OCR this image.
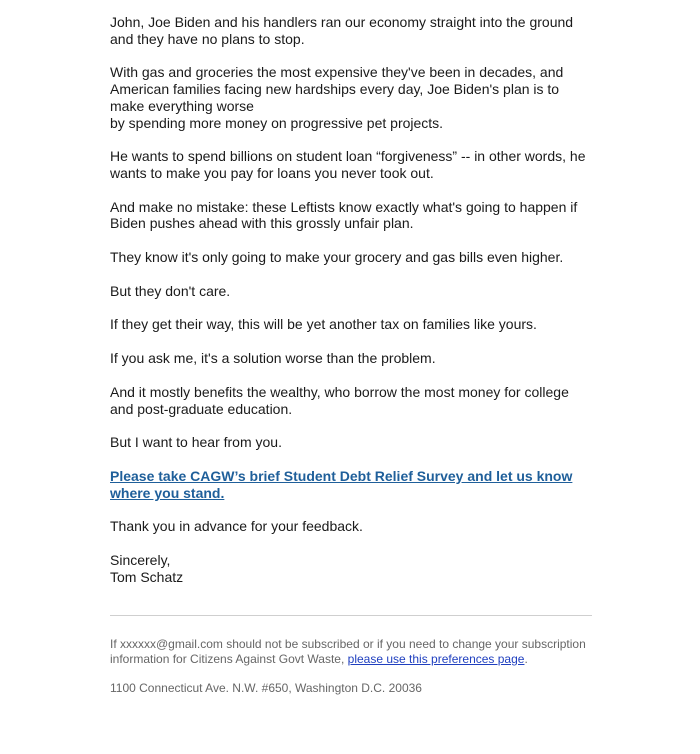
John, Joe Biden and his handlers ran our economy straight into the ground and they have no plans to stop.

With gas and groceries the most expensive they've been in decades, and American families facing new hardships every day, Joe Biden's plan is to make everything worse
by spending more money on progressive pet projects.

He wants to spend billions on student loan “forgiveness” -- in other words, he wants to make you pay for loans you never took out.

And make no mistake: these Leftists know exactly what's going to happen if Biden pushes ahead with this grossly unfair plan.

They know it's only going to make your grocery and gas bills even higher.

But they don't care.

If they get their way, this will be yet another tax on families like yours.

If you ask me, it's a solution worse than the problem.

And it mostly benefits the wealthy, who borrow the most money for college and post-graduate education.

But I want to hear from you.

Please take CAGW’s brief Student Debt Relief Survey and let us know where you stand.

Thank you in advance for your feedback.

Sincerely,
Tom Schatz

If xxxxxx@gmail.com should not be subscribed or if you need to change your subscription information for Citizens Against Govt Waste, please use this preferences page.

1100 Connecticut Ave. N.W. #650, Washington D.C. 20036
